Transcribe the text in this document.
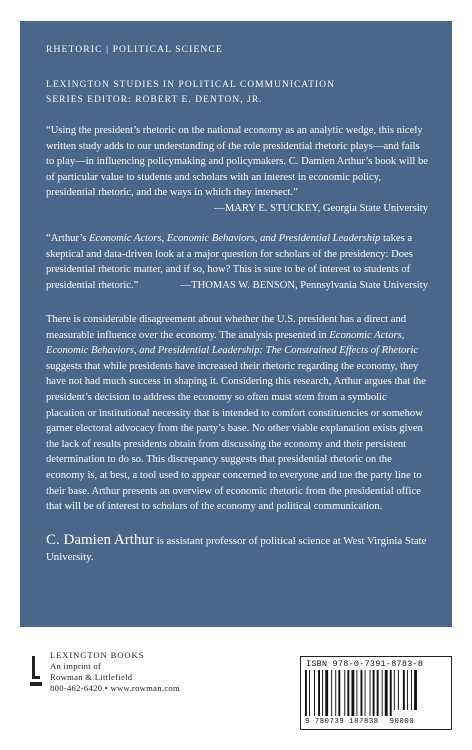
RHETORIC | POLITICAL SCIENCE
LEXINGTON STUDIES IN POLITICAL COMMUNICATION
SERIES EDITOR: ROBERT E. DENTON, JR.
“Using the president’s rhetoric on the national economy as an analytic wedge, this nicely written study adds to our understanding of the role presidential rhetoric plays—and fails to play—in influencing policymaking and policymakers. C. Damien Arthur’s book will be of particular value to students and scholars with an interest in economic policy, presidential rhetoric, and the ways in which they intersect.”
—MARY E. STUCKEY, Georgia State University
“Arthur’s Economic Actors, Economic Behaviors, and Presidential Leadership takes a skeptical and data-driven look at a major question for scholars of the presidency: Does presidential rhetoric matter, and if so, how? This is sure to be of interest to students of presidential rhetoric.”	—THOMAS W. BENSON, Pennsylvania State University
There is considerable disagreement about whether the U.S. president has a direct and measurable influence over the economy. The analysis presented in Economic Actors, Economic Behaviors, and Presidential Leadership: The Constrained Effects of Rhetoric suggests that while presidents have increased their rhetoric regarding the economy, they have not had much success in shaping it. Considering this research, Arthur argues that the president’s decision to address the economy so often must stem from a symbolic placation or institutional necessity that is intended to comfort constituencies or somehow garner electoral advocacy from the party’s base. No other viable explanation exists given the lack of results presidents obtain from discussing the economy and their persistent determination to do so. This discrepancy suggests that presidential rhetoric on the economy is, at best, a tool used to appear concerned to everyone and toe the party line to their base. Arthur presents an overview of economic rhetoric from the presidential office that will be of interest to scholars of the economy and political communication.
C. Damien Arthur is assistant professor of political science at West Virginia State University.
LEXINGTON BOOKS
An imprint of
Rowman & Littlefield
800-462-6420 • www.rowman.com
ISBN 978-0-7391-8783-8
9 780739 187838 90000
